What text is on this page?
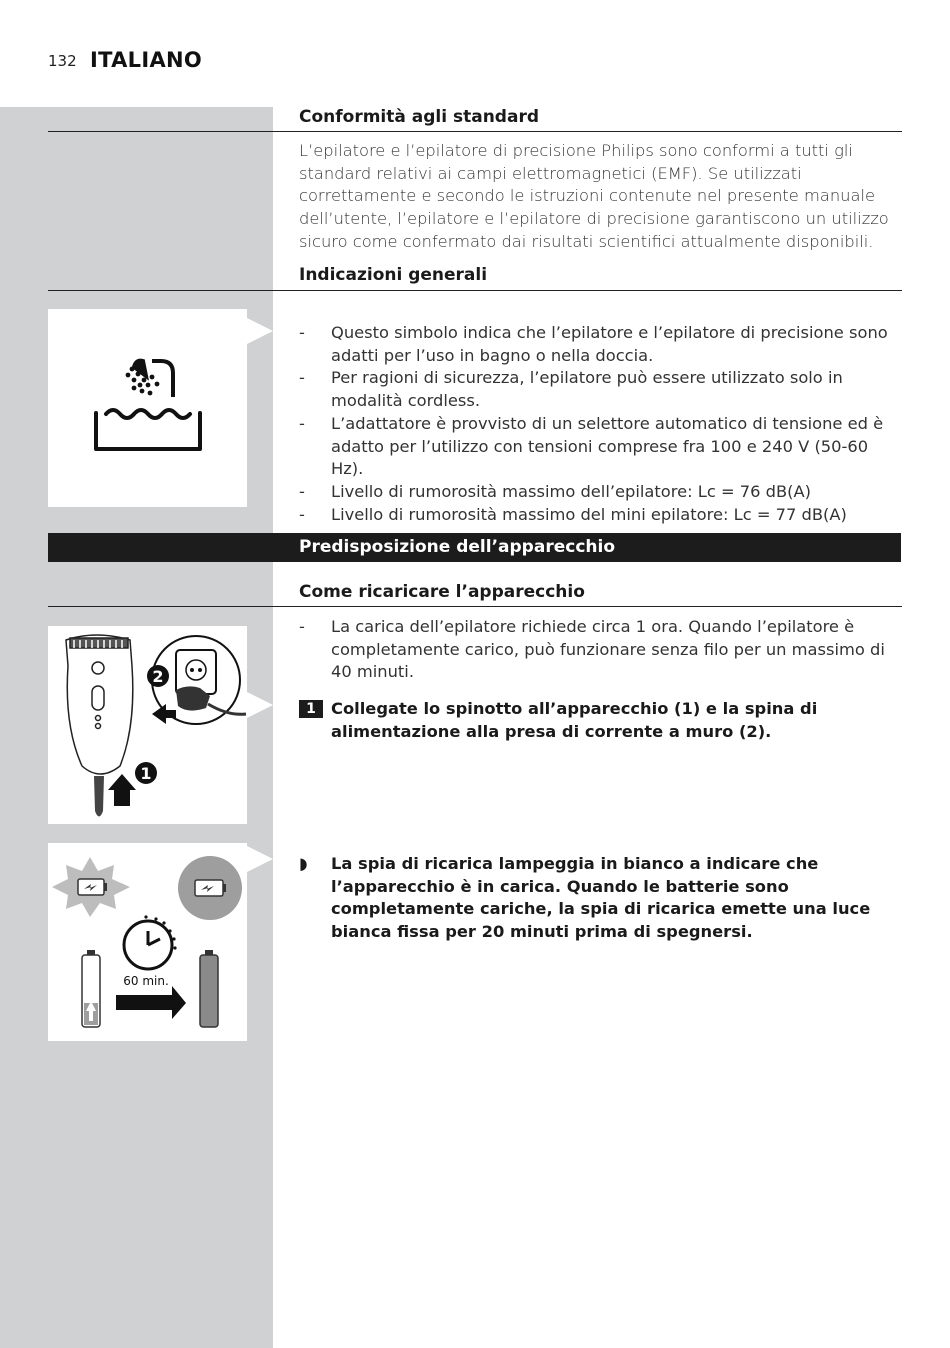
132 ITALIANO
Conformità agli standard
L’epilatore e l’epilatore di precisione Philips sono conformi a tutti gli standard relativi ai campi elettromagnetici (EMF). Se utilizzati correttamente e secondo le istruzioni contenute nel presente manuale dell’utente, l’epilatore e l’epilatore di precisione garantiscono un utilizzo sicuro come confermato dai risultati scientifici attualmente disponibili.
Indicazioni generali
- Questo simbolo indica che l’epilatore e l’epilatore di precisione sono adatti per l’uso in bagno o nella doccia.
- Per ragioni di sicurezza, l’epilatore può essere utilizzato solo in modalità cordless.
- L’adattatore è provvisto di un selettore automatico di tensione ed è adatto per l’utilizzo con tensioni comprese fra 100 e 240 V (50-60 Hz).
- Livello di rumorosità massimo dell’epilatore: Lc = 76 dB(A)
- Livello di rumorosità massimo del mini epilatore: Lc = 77 dB(A)
Predisposizione dell’apparecchio
Come ricaricare l’apparecchio
1
2
- La carica dell’epilatore richiede circa 1 ora. Quando l’epilatore è completamente carico, può funzionare senza filo per un massimo di 40 minuti.
1 Collegate lo spinotto all’apparecchio (1) e la spina di alimentazione alla presa di corrente a muro (2).
60 min.
◗	La spia di ricarica lampeggia in bianco a indicare che l’apparecchio è in carica. Quando le batterie sono completamente cariche, la spia di ricarica emette una luce bianca fissa per 20 minuti prima di spegnersi.
